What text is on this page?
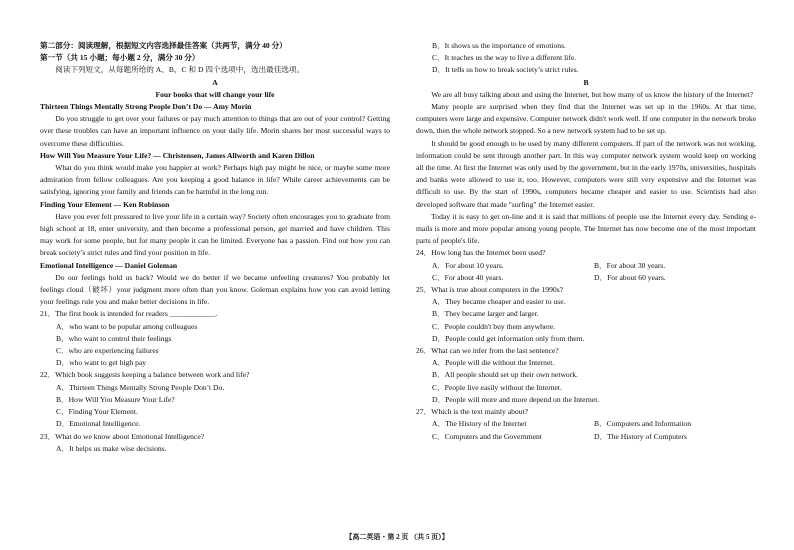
第二部分：阅读理解，根据短文内容选择最佳答案（共两节，满分 40 分）

第一节（共 15 小题；每小题 2 分，满分 30 分）

阅读下列短文，从每题所给的 A、B、C 和 D 四个选项中，选出最佳选项。

A

Four books that will change your life

Thirteen Things Mentally Strong People Don’t Do — Amy Morin

Do you struggle to get over your failures or pay much attention to things that are out of your control? Getting over these troubles can have an important influence on your daily life. Morin shares her most successful ways to overcome these difficulties.

How Will You Measure Your Life? — Christensen, James Allworth and Karen Dillon

What do you think would make you happier at work? Perhaps high pay might be nice, or maybe some more admiration from fellow colleagues. Are you keeping a good balance in life? While career achievements can be satisfying, ignoring your family and friends can be harmful in the long run.

Finding Your Element — Ken Robinson

Have you ever felt pressured to live your life in a certain way? Society often encourages you to graduate from high school at 18, enter university, and then become a professional person, get married and have children. This may work for some people, but for many people it can be limited. Everyone has a passion. Find out how you can break society’s strict rules and find your position in life.

Emotional Intelligence — Daniel Goleman

Do our feelings hold us back? Would we do better if we became unfeeling creatures? You probably let feelings cloud（破坏）your judgment more often than you know. Goleman explains how you can avoid letting your feelings rule you and make better decisions in life.

21．The first book is intended for readers ____________.

A．who want to be popular among colleagues

B．who want to control their feelings

C．who are experiencing failures

D．who want to get high pay

22．Which book suggests keeping a balance between work and life?

A．Thirteen Things Mentally Strong People Don’t Do.

B．How Will You Measure Your Life?

C．Finding Your Element.

D．Emotional Intelligence.

23．What do we know about Emotional Intelligence?

A．It helps us make wise decisions.

B．It shows us the importance of emotions.

C．It teaches us the way to live a different life.

D．It tells us how to break society’s strict rules.

B

We are all busy talking about and using the Internet, but how many of us know the history of the Internet?

Many people are surprised when they find that the Internet was set up in the 1960s. At that time, computers were large and expensive. Computer network didn't work well. If one computer in the network broke down, then the whole network stopped. So a new network system had to be set up.

It should be good enough to be used by many different computers. If part of the network was not working, information could be sent through another part. In this way computer network system would keep on working all the time. At first the Internet was only used by the government, but in the early 1970s, universities, hospitals and banks were allowed to use it, too. However, computers were still very expensive and the Internet was difficult to use. By the start of 1990s, computers became cheaper and easier to use. Scientists had also developed software that made "surfing" the Internet easier.

Today it is easy to get on-line and it is said that millions of people use the Internet every day. Sending e-mails is more and more popular among young people. The Internet has now become one of the most important parts of people's life.

24．How long has the Internet been used?

A．For about 10 years.	B．For about 30 years.
C．For about 40 years.	D．For about 60 years.

25．What is true about computers in the 1990s?

A．They became cheaper and easier to use.

B．They became larger and larger.

C．People couldn't buy them anywhere.

D．People could get information only from them.

26．What can we infer from the last sentence?

A．People will die without the Internet.

B．All people should set up their own network.

C．People live easily without the Internet.

D．People will more and more depend on the Internet.

27．Which is the text mainly about?

A．The History of the Internet	B．Computers and Information
C．Computers and the Government	D．The History of Computers
【高二英语・第 2 页 （共 5 页）】
